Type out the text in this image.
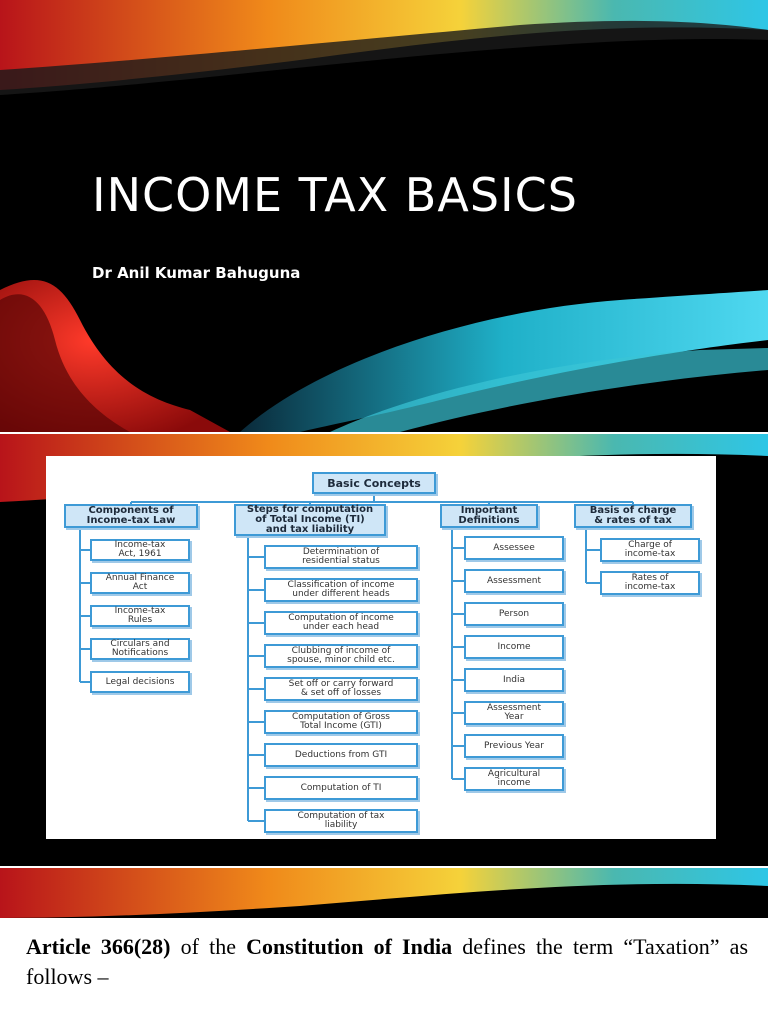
INCOME TAX BASICS
Dr Anil Kumar Bahuguna
Basic Concepts
Components of
Income-tax Law
Income-tax
Act, 1961
Annual Finance
Act
Income-tax
Rules
Circulars and
Notifications
Legal decisions
Steps for computation
of Total Income (TI)
and tax liability
Determination of
residential status
Classification of income
under different heads
Computation of income
under each head
Clubbing of income of
spouse, minor child etc.
Set off or carry forward
& set off of losses
Computation of Gross
Total Income (GTI)
Deductions from GTI
Computation of TI
Computation of tax
liability
Important
Definitions
Assessee
Assessment
Person
Income
India
Assessment
Year
Previous Year
Agricultural
income
Basis of charge
& rates of tax
Charge of
income-tax
Rates of
income-tax
Article 366(28) of the Constitution of India defines the term “Taxation” as follows –
